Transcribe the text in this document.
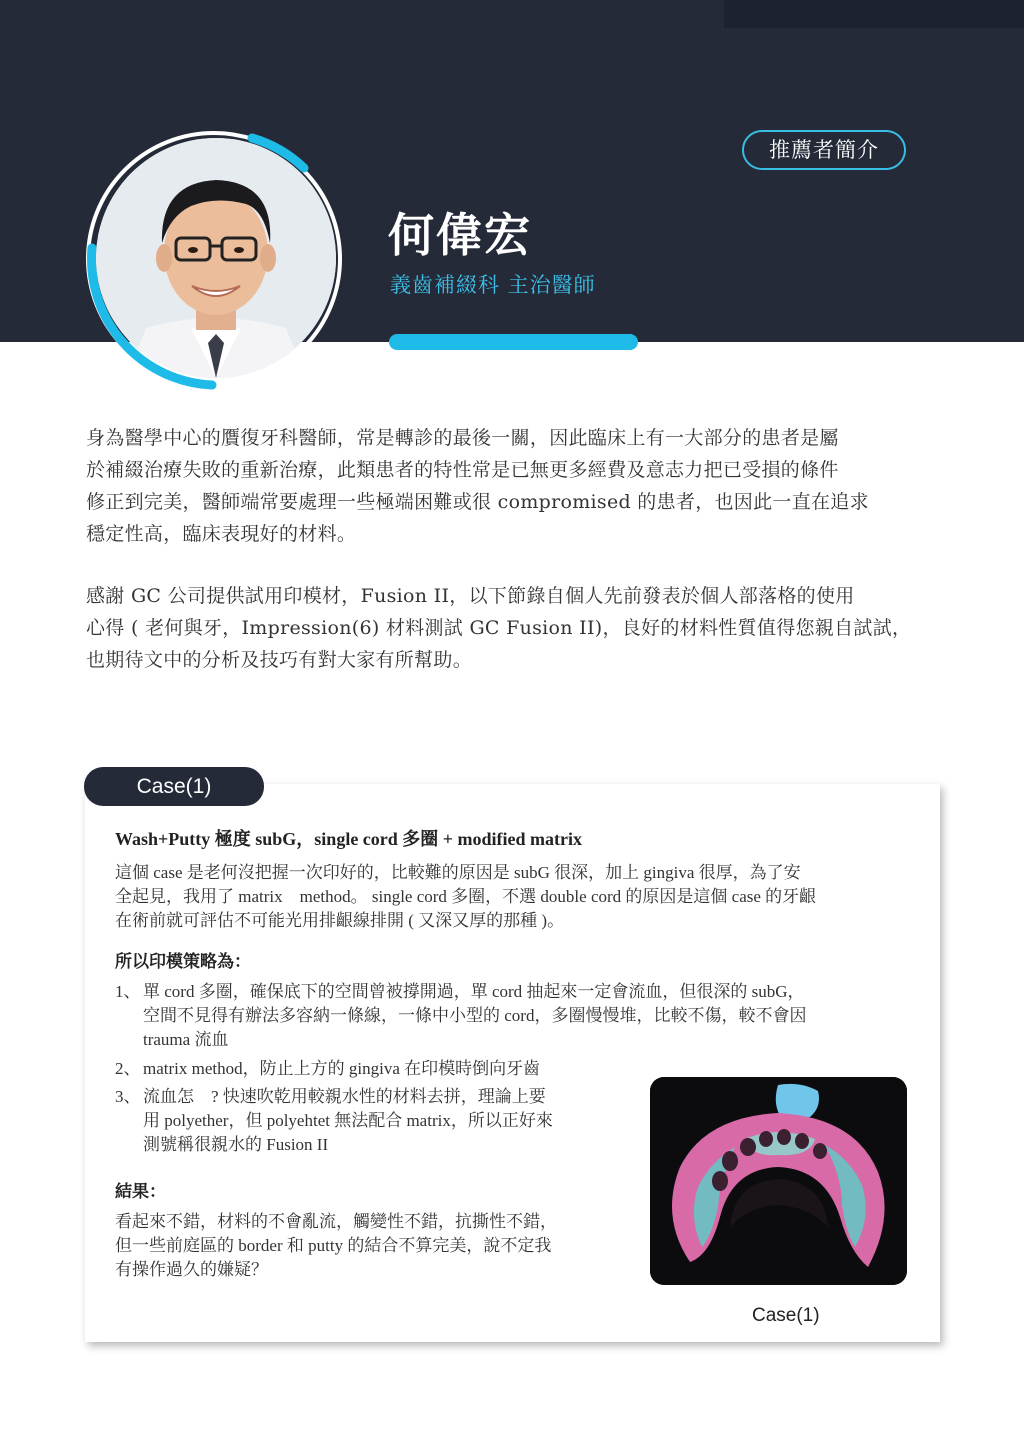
推薦者簡介
何偉宏
義齒補綴科 主治醫師

身為醫學中心的贋復牙科醫師，常是轉診的最後一關，因此臨床上有一大部分的患者是屬

於補綴治療失敗的重新治療，此類患者的特性常是已無更多經費及意志力把已受損的條件

修正到完美，醫師端常要處理一些極端困難或很 compromised 的患者，也因此一直在追求

穩定性高，臨床表現好的材料。

感謝 GC 公司提供試用印模材，Fusion II，以下節錄自個人先前發表於個人部落格的使用

心得 ( 老何與牙，Impression(6) 材料測試 GC Fusion II)，良好的材料性質值得您親自試試，

也期待文中的分析及技巧有對大家有所幫助。

Case(1)
Wash+Putty 極度 subG，single cord 多圈 + modified matrix
這個 case 是老何沒把握一次印好的，比較難的原因是 subG 很深，加上 gingiva 很厚，為了安
全起見，我用了 matrix　method。 single cord 多圈，不選 double cord 的原因是這個 case 的牙齦
在術前就可評估不可能光用排齦線排開 ( 又深又厚的那種 )。
所以印模策略為：
1、 單 cord 多圈，確保底下的空間曾被撐開過，單 cord 抽起來一定會流血，但很深的 subG，
空間不見得有辦法多容納一條線，一條中小型的 cord，多圈慢慢堆，比較不傷，較不會因
trauma 流血
2、 matrix method，防止上方的 gingiva 在印模時倒向牙齒
3、 流血怎　? 快速吹乾用較親水性的材料去拼，理論上要
用 polyether，但 polyehtet 無法配合 matrix，所以正好來
測號稱很親水的 Fusion II
結果：
看起來不錯，材料的不會亂流，觸變性不錯，抗撕性不錯，
但一些前庭區的 border 和 putty 的結合不算完美，說不定我
有操作過久的嫌疑？
Case(1)
